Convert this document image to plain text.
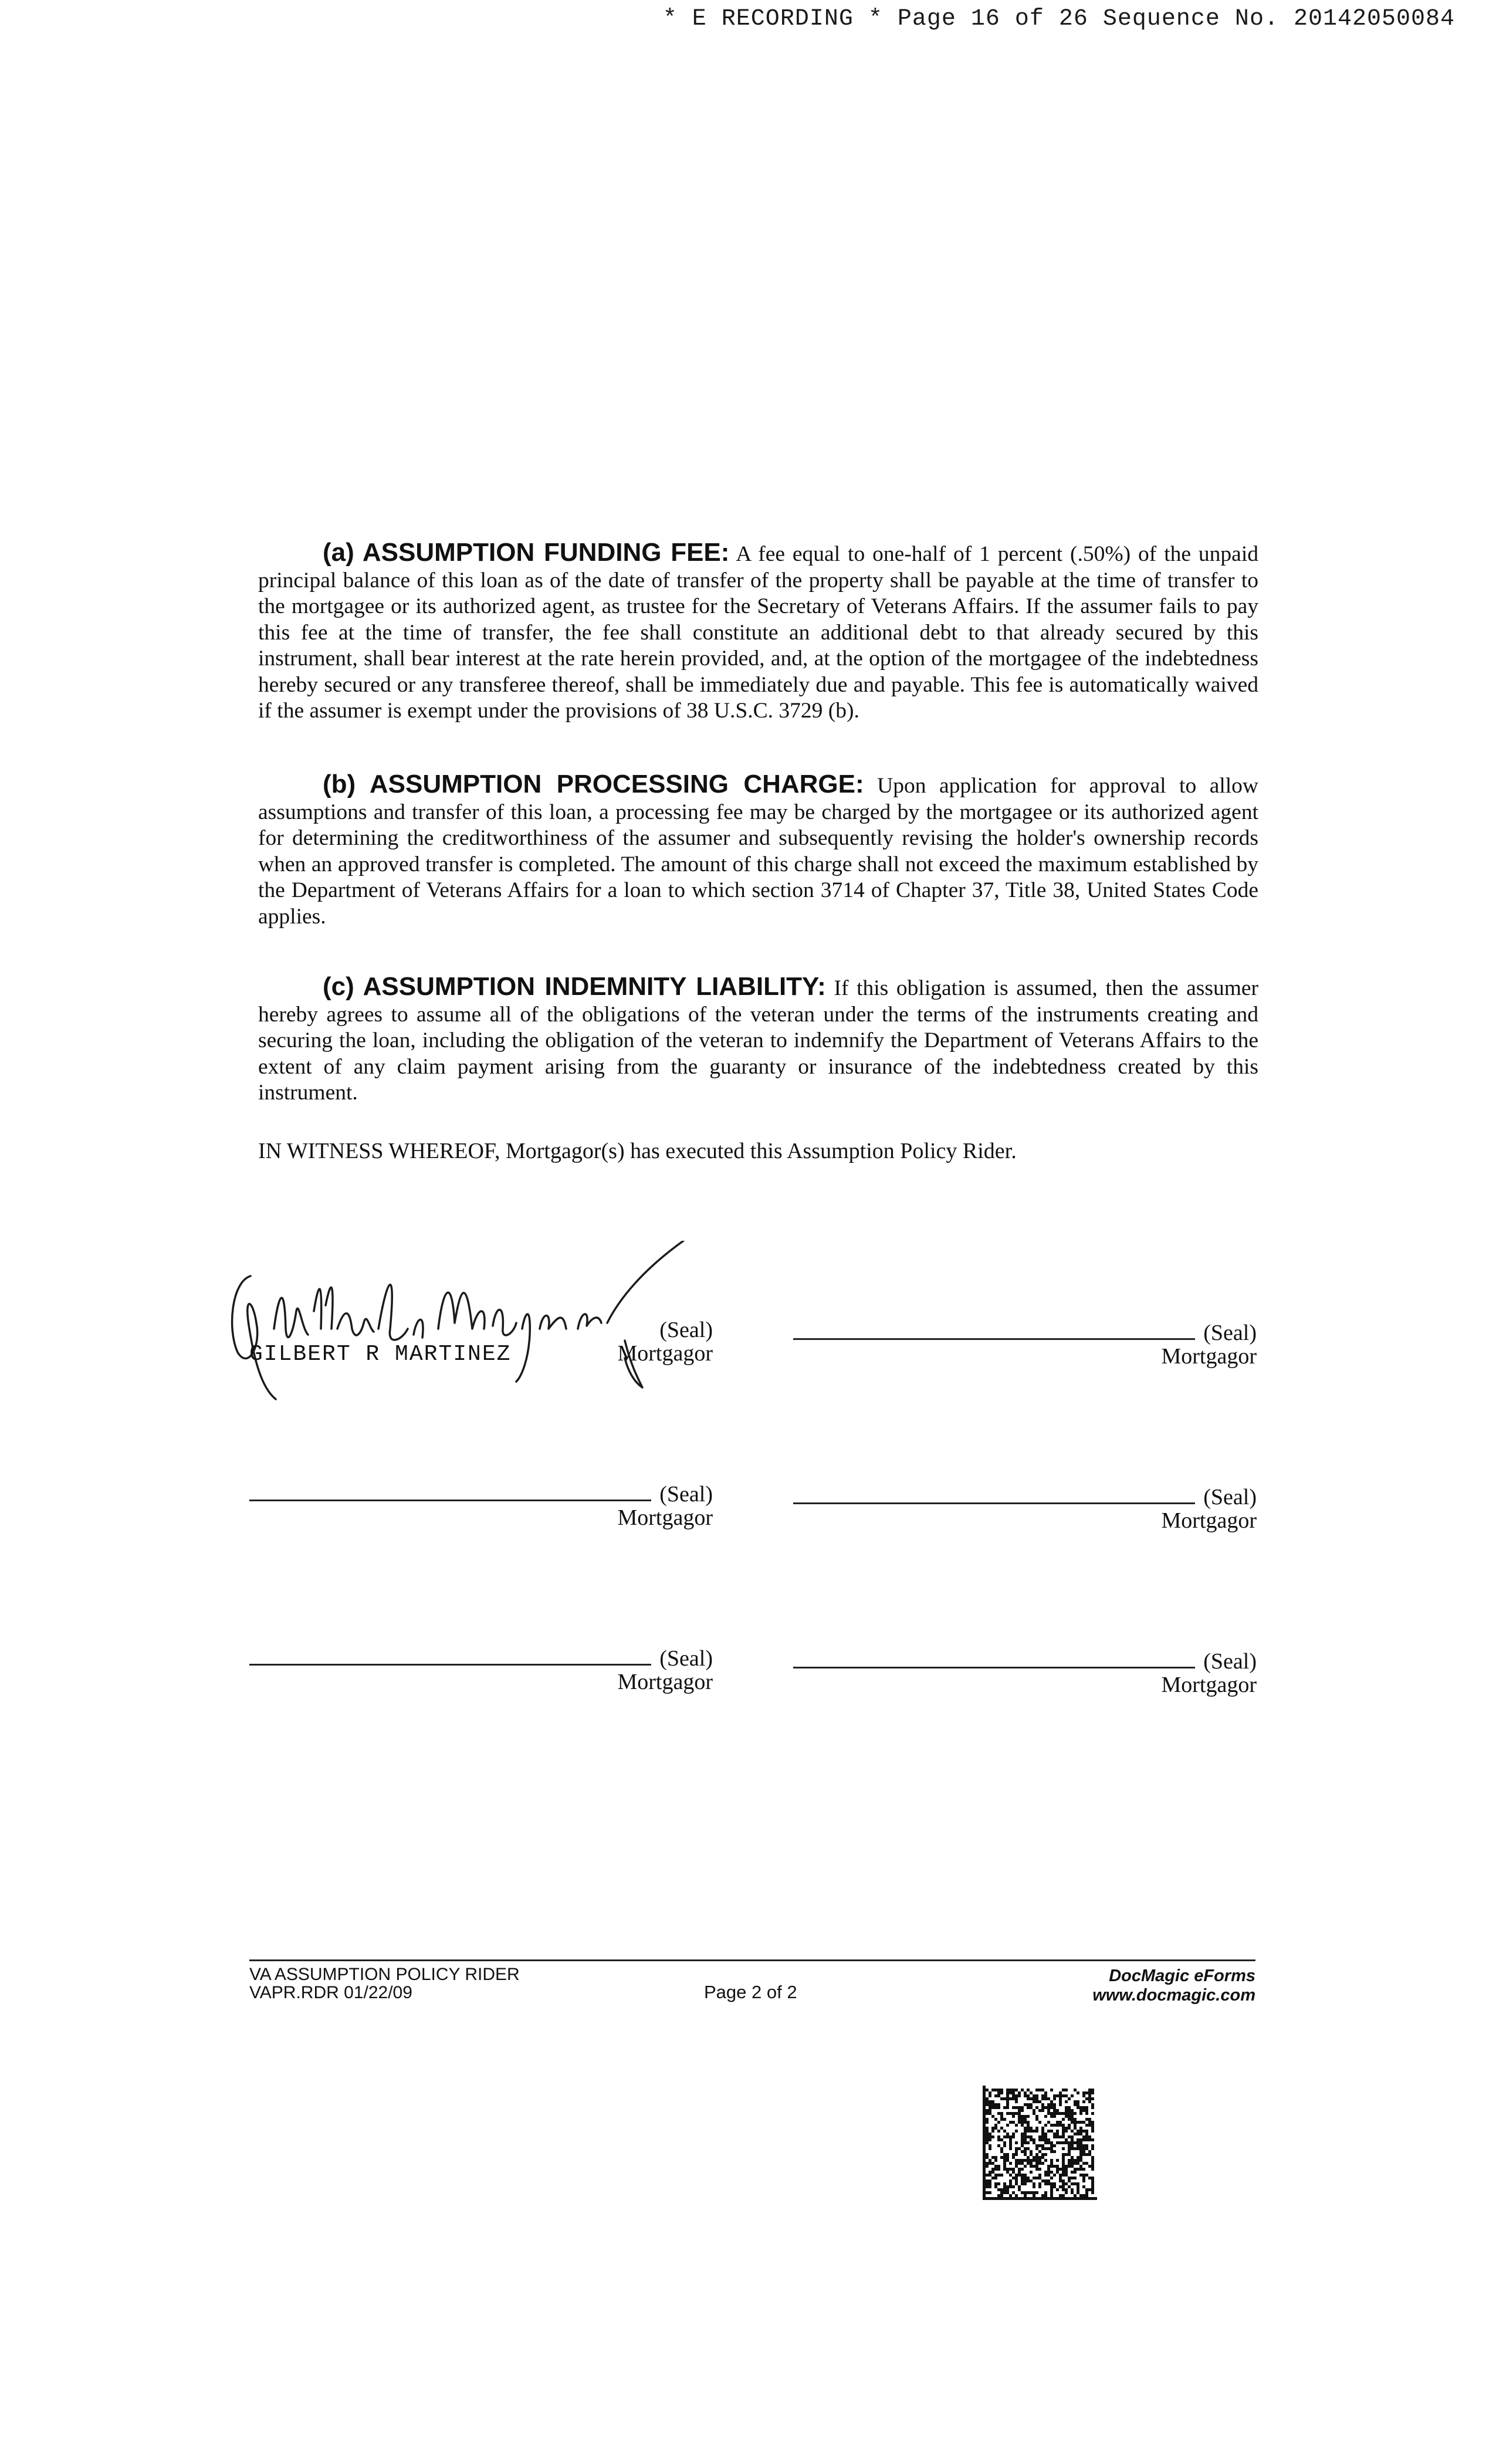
* E RECORDING * Page 16 of 26 Sequence No. 20142050084
(a) ASSUMPTION FUNDING FEE: A fee equal to one-half of 1 percent (.50%) of the unpaid principal balance of this loan as of the date of transfer of the property shall be payable at the time of transfer to the mortgagee or its authorized agent, as trustee for the Secretary of Veterans Affairs. If the assumer fails to pay this fee at the time of transfer, the fee shall constitute an additional debt to that already secured by this instrument, shall bear interest at the rate herein provided, and, at the option of the mortgagee of the indebtedness hereby secured or any transferee thereof, shall be immediately due and payable. This fee is automatically waived if the assumer is exempt under the provisions of 38 U.S.C. 3729 (b).
(b) ASSUMPTION PROCESSING CHARGE: Upon application for approval to allow assumptions and transfer of this loan, a processing fee may be charged by the mortgagee or its authorized agent for determining the creditworthiness of the assumer and subsequently revising the holder's ownership records when an approved transfer is completed. The amount of this charge shall not exceed the maximum established by the Department of Veterans Affairs for a loan to which section 3714 of Chapter 37, Title 38, United States Code applies.
(c) ASSUMPTION INDEMNITY LIABILITY: If this obligation is assumed, then the assumer hereby agrees to assume all of the obligations of the veteran under the terms of the instruments creating and securing the loan, including the obligation of the veteran to indemnify the Department of Veterans Affairs to the extent of any claim payment arising from the guaranty or insurance of the indebtedness created by this instrument.
IN WITNESS WHEREOF, Mortgagor(s) has executed this Assumption Policy Rider.
GILBERT R MARTINEZ
(Seal)
Mortgagor
(Seal)
Mortgagor
(Seal)
Mortgagor
(Seal)
Mortgagor
(Seal)
Mortgagor
(Seal)
Mortgagor
VA ASSUMPTION POLICY RIDER
VAPR.RDR 01/22/09	Page 2 of 2
DocMagic eForms
www.docmagic.com
